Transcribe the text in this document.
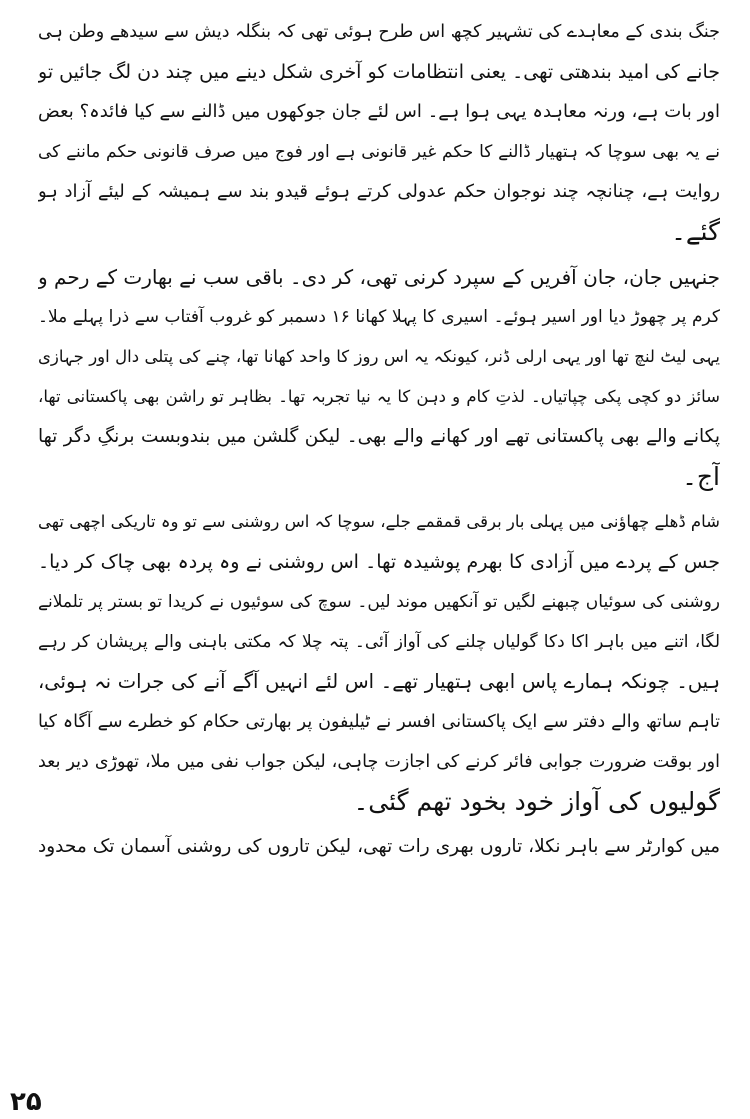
جنگ بندی کے معاہدے کی تشہیر کچھ اس طرح ہوئی تھی کہ بنگلہ دیش سے سیدھے وطن ہی
جانے کی امید بندھتی تھی۔ یعنی انتظامات کو آخری شکل دینے میں چند دن لگ جائیں تو
اور بات ہے، ورنہ معاہدہ یہی ہوا ہے۔ اس لئے جان جوکھوں میں ڈالنے سے کیا فائدہ؟ بعض
نے یہ بھی سوچا کہ ہتھیار ڈالنے کا حکم غیر قانونی ہے اور فوج میں صرف قانونی حکم ماننے کی
روایت ہے، چنانچہ چند نوجوان حکم عدولی کرتے ہوئے قیدو بند سے ہمیشہ کے لیئے آزاد ہو
گئے۔
جنہیں جان، جان آفریں کے سپرد کرنی تھی، کر دی۔ باقی سب نے بھارت کے رحم و
کرم پر چھوڑ دیا اور اسیر ہوئے۔ اسیری کا پہلا کھانا ۱۶ دسمبر کو غروب آفتاب سے ذرا پہلے ملا۔
یہی لیٹ لنچ تھا اور یہی ارلی ڈنر، کیونکہ یہ اس روز کا واحد کھانا تھا، چنے کی پتلی دال اور جہازی
سائز دو کچی پکی چپاتیاں۔ لذتِ کام و دہن کا یہ نیا تجربہ تھا۔ بظاہر تو راشن بھی پاکستانی تھا،
پکانے والے بھی پاکستانی تھے اور کھانے والے بھی۔ لیکن گلشن میں بندوبست برنگِ دگر تھا
آج۔
شام ڈھلے چھاؤنی میں پہلی بار برقی قمقمے جلے، سوچا کہ اس روشنی سے تو وہ تاریکی اچھی تھی
جس کے پردے میں آزادی کا بھرم پوشیدہ تھا۔ اس روشنی نے وہ پردہ بھی چاک کر دیا۔
روشنی کی سوئیاں چبھنے لگیں تو آنکھیں موند لیں۔ سوچ کی سوئیوں نے کریدا تو بستر پر تلملانے
لگا، اتنے میں باہر اکا دکا گولیاں چلنے کی آواز آئی۔ پتہ چلا کہ مکتی باہنی والے پریشان کر رہے
ہیں۔ چونکہ ہمارے پاس ابھی ہتھیار تھے۔ اس لئے انہیں آگے آنے کی جرات نہ ہوئی،
تاہم ساتھ والے دفتر سے ایک پاکستانی افسر نے ٹیلیفون پر بھارتی حکام کو خطرے سے آگاہ کیا
اور بوقت ضرورت جوابی فائر کرنے کی اجازت چاہی، لیکن جواب نفی میں ملا، تھوڑی دیر بعد
گولیوں کی آواز خود بخود تھم گئی۔
میں کوارٹر سے باہر نکلا، تاروں بھری رات تھی، لیکن تاروں کی روشنی آسمان تک محدود
۲۵
